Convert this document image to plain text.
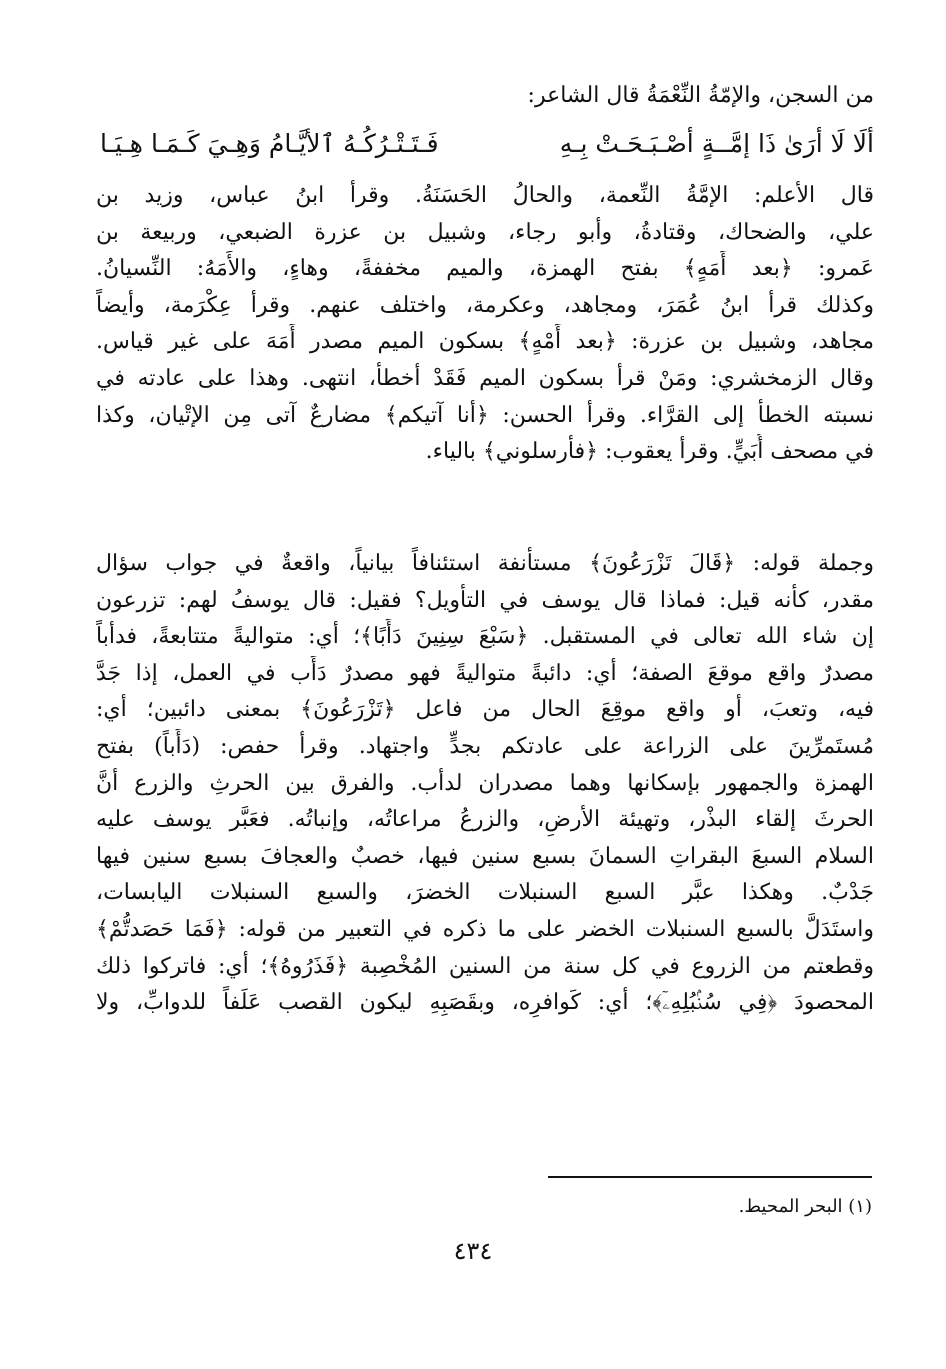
من السجن، والإمّةُ النِّعْمَةُ قال الشاعر:
ألَا لَا أرَىٰ ذَا إمَّــةٍ أصْـبَـحَـتْ بِـهِ
فَـتَـتْـرُكُـهُ ٱلأيَّـامُ وَهِـيَ كَـمَـا هِـيَـا
قال الأعلم: الإمَّةُ النِّعمة، والحالُ الحَسَنَةُ. وقرأ ابنُ عباس، وزيد بن
علي، والضحاك، وقتادةُ، وأبو رجاء، وشبيل بن عزرة الضبعي، وربيعة بن
عَمرو: ﴿بعد أَمَهٍ﴾ بفتح الهمزة، والميم مخففةً، وهاءٍ، والأَمَهُ: النِّسيانُ.
وكذلك قرأ ابنُ عُمَرَ، ومجاهد، وعكرمة، واختلف عنهم. وقرأ عِكْرَمة، وأيضاً
مجاهد، وشبيل بن عزرة: ﴿بعد أَمْهٍ﴾ بسكون الميم مصدر أَمَهَ على غير قياس.
وقال الزمخشري: ومَنْ قرأ بسكون الميم فَقَدْ أخطأ، انتهى. وهذا على عادته في
نسبته الخطأ إلى القرَّاء. وقرأ الحسن: ﴿أنا آتيكم﴾ مضارعٌ آتى مِن الإتْيان، وكذا
في مصحف أُبَيٍّ. وقرأ يعقوب: ﴿فأرسلوني﴾ بالياء.
وجملة قوله: ﴿قَالَ تَزْرَعُونَ﴾ مستأنفة استئنافاً بيانياً، واقعةٌ في جواب سؤال
مقدر، كأنه قيل: فماذا قال يوسف في التأويل؟ فقيل: قال يوسفُ لهم: تزرعون
إن شاء الله تعالى في المستقبل. ﴿سَبْعَ سِنِينَ دَأَبًا﴾؛ أي: متواليةً متتابعةً، فدأباً
مصدرٌ واقع موقعَ الصفة؛ أي: دائبةً متواليةً فهو مصدرٌ دَأَب في العمل، إذا جَدَّ
فيه، وتعبَ، أو واقع موقِعَ الحال من فاعل ﴿تَزْرَعُونَ﴾ بمعنى دائبين؛ أي:
مُستَمرِّينَ على الزراعة على عادتكم بجدٍّ واجتهاد. وقرأ حفص: (دَأَباً) بفتح
الهمزة والجمهور بإسكانها وهما مصدران لدأب. والفرق بين الحرثِ والزرع أنَّ
الحرثَ إلقاء البذْر، وتهيئة الأرضِ، والزرعُ مراعاتُه، وإنباتُه. فعَبَّر يوسف عليه
السلام السبعَ البقراتِ السمانَ بسبع سنين فيها، خصبٌ والعجافَ بسبع سنين فيها
جَدْبٌ. وهكذا عبَّر السبع السنبلات الخضرَ، والسبع السنبلات اليابسات،
واستَدَلَّ بالسبع السنبلات الخضر على ما ذكره في التعبير من قوله: ﴿فَمَا حَصَدتُّمْ﴾
وقطعتم من الزروع في كل سنة من السنين المُخْصِبة ﴿فَذَرُوهُ﴾؛ أي: فاتركوا ذلك
المحصودَ ﴿فِي سُنۢبُلِهِۦٓ﴾؛ أي: كَوافرِه، وبقَصَبِهِ ليكون القصب عَلَفاً للدوابِّ، ولا
(١) البحر المحيط.
٤٣٤
